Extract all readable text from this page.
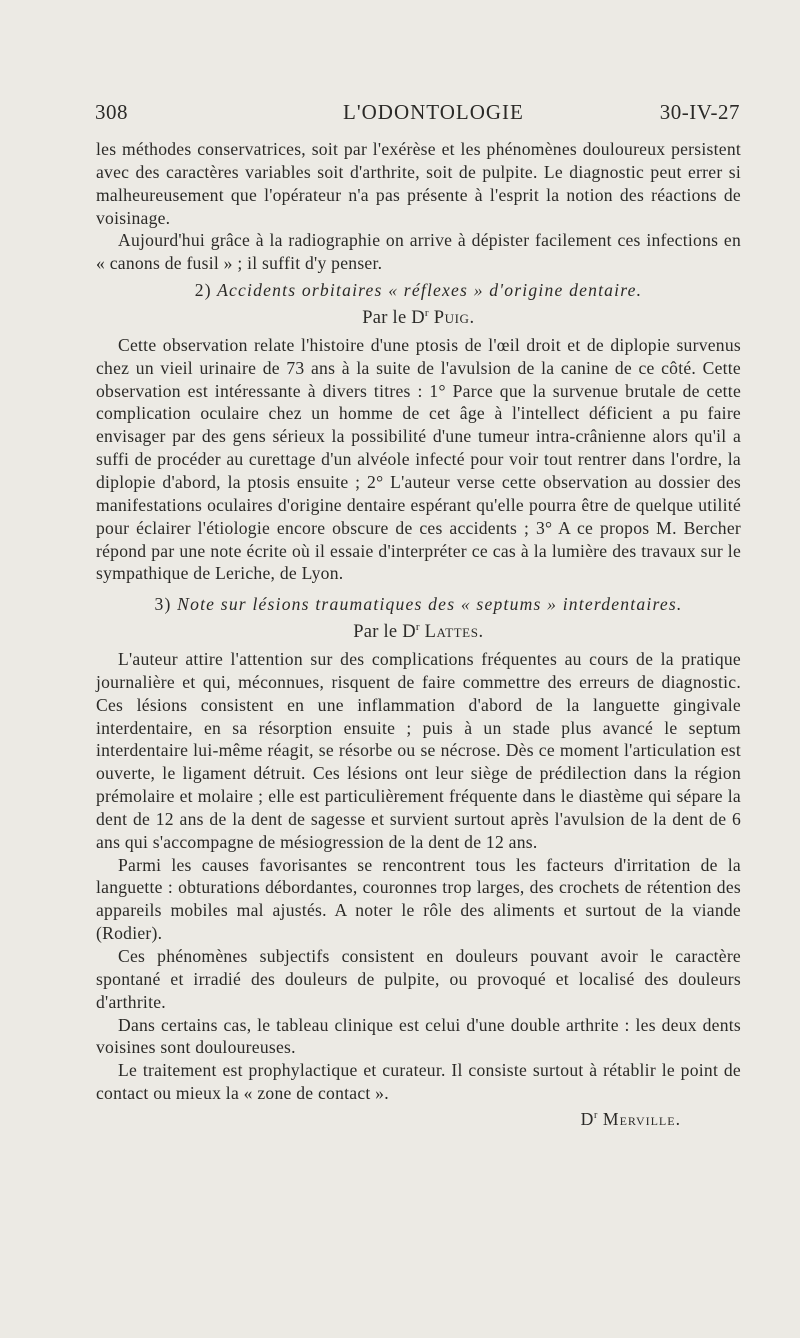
308	L'ODONTOLOGIE	30-IV-27

les méthodes conservatrices, soit par l'exérèse et les phénomènes douloureux persistent avec des caractères variables soit d'arthrite, soit de pulpite. Le diagnostic peut errer si malheureusement que l'opérateur n'a pas présente à l'esprit la notion des réactions de voisinage.

Aujourd'hui grâce à la radiographie on arrive à dépister facilement ces infections en « canons de fusil » ; il suffit d'y penser.

2) Accidents orbitaires « réflexes » d'origine dentaire.
Par le $D^r$ Puig.

Cette observation relate l'histoire d'une ptosis de l'œil droit et de diplopie survenus chez un vieil urinaire de 73 ans à la suite de l'avulsion de la canine de ce côté. Cette observation est intéressante à divers titres : 1° Parce que la survenue brutale de cette complication oculaire chez un homme de cet âge à l'intellect déficient a pu faire envisager par des gens sérieux la possibilité d'une tumeur intra-crânienne alors qu'il a suffi de procéder au curettage d'un alvéole infecté pour voir tout rentrer dans l'ordre, la diplopie d'abord, la ptosis ensuite ; 2° L'auteur verse cette observation au dossier des manifestations oculaires d'origine dentaire espérant qu'elle pourra être de quelque utilité pour éclairer l'étiologie encore obscure de ces accidents ; 3° A ce propos M. Bercher répond par une note écrite où il essaie d'interpréter ce cas à la lumière des travaux sur le sympathique de Leriche, de Lyon.

3) Note sur lésions traumatiques des « septums » interdentaires.
Par le $D^r$ Lattes.

L'auteur attire l'attention sur des complications fréquentes au cours de la pratique journalière et qui, méconnues, risquent de faire commettre des erreurs de diagnostic. Ces lésions consistent en une inflammation d'abord de la languette gingivale interdentaire, en sa résorption ensuite ; puis à un stade plus avancé le septum interdentaire lui-même réagit, se résorbe ou se nécrose. Dès ce moment l'articulation est ouverte, le ligament détruit. Ces lésions ont leur siège de prédilection dans la région prémolaire et molaire ; elle est particulièrement fréquente dans le diastème qui sépare la dent de 12 ans de la dent de sagesse et survient surtout après l'avulsion de la dent de 6 ans qui s'accompagne de mésiogression de la dent de 12 ans.

Parmi les causes favorisantes se rencontrent tous les facteurs d'irritation de la languette : obturations débordantes, couronnes trop larges, des crochets de rétention des appareils mobiles mal ajustés. A noter le rôle des aliments et surtout de la viande (Rodier).

Ces phénomènes subjectifs consistent en douleurs pouvant avoir le caractère spontané et irradié des douleurs de pulpite, ou provoqué et localisé des douleurs d'arthrite.

Dans certains cas, le tableau clinique est celui d'une double arthrite : les deux dents voisines sont douloureuses.

Le traitement est prophylactique et curateur. Il consiste surtout à rétablir le point de contact ou mieux la « zone de contact ».

$D^r$ Merville.
